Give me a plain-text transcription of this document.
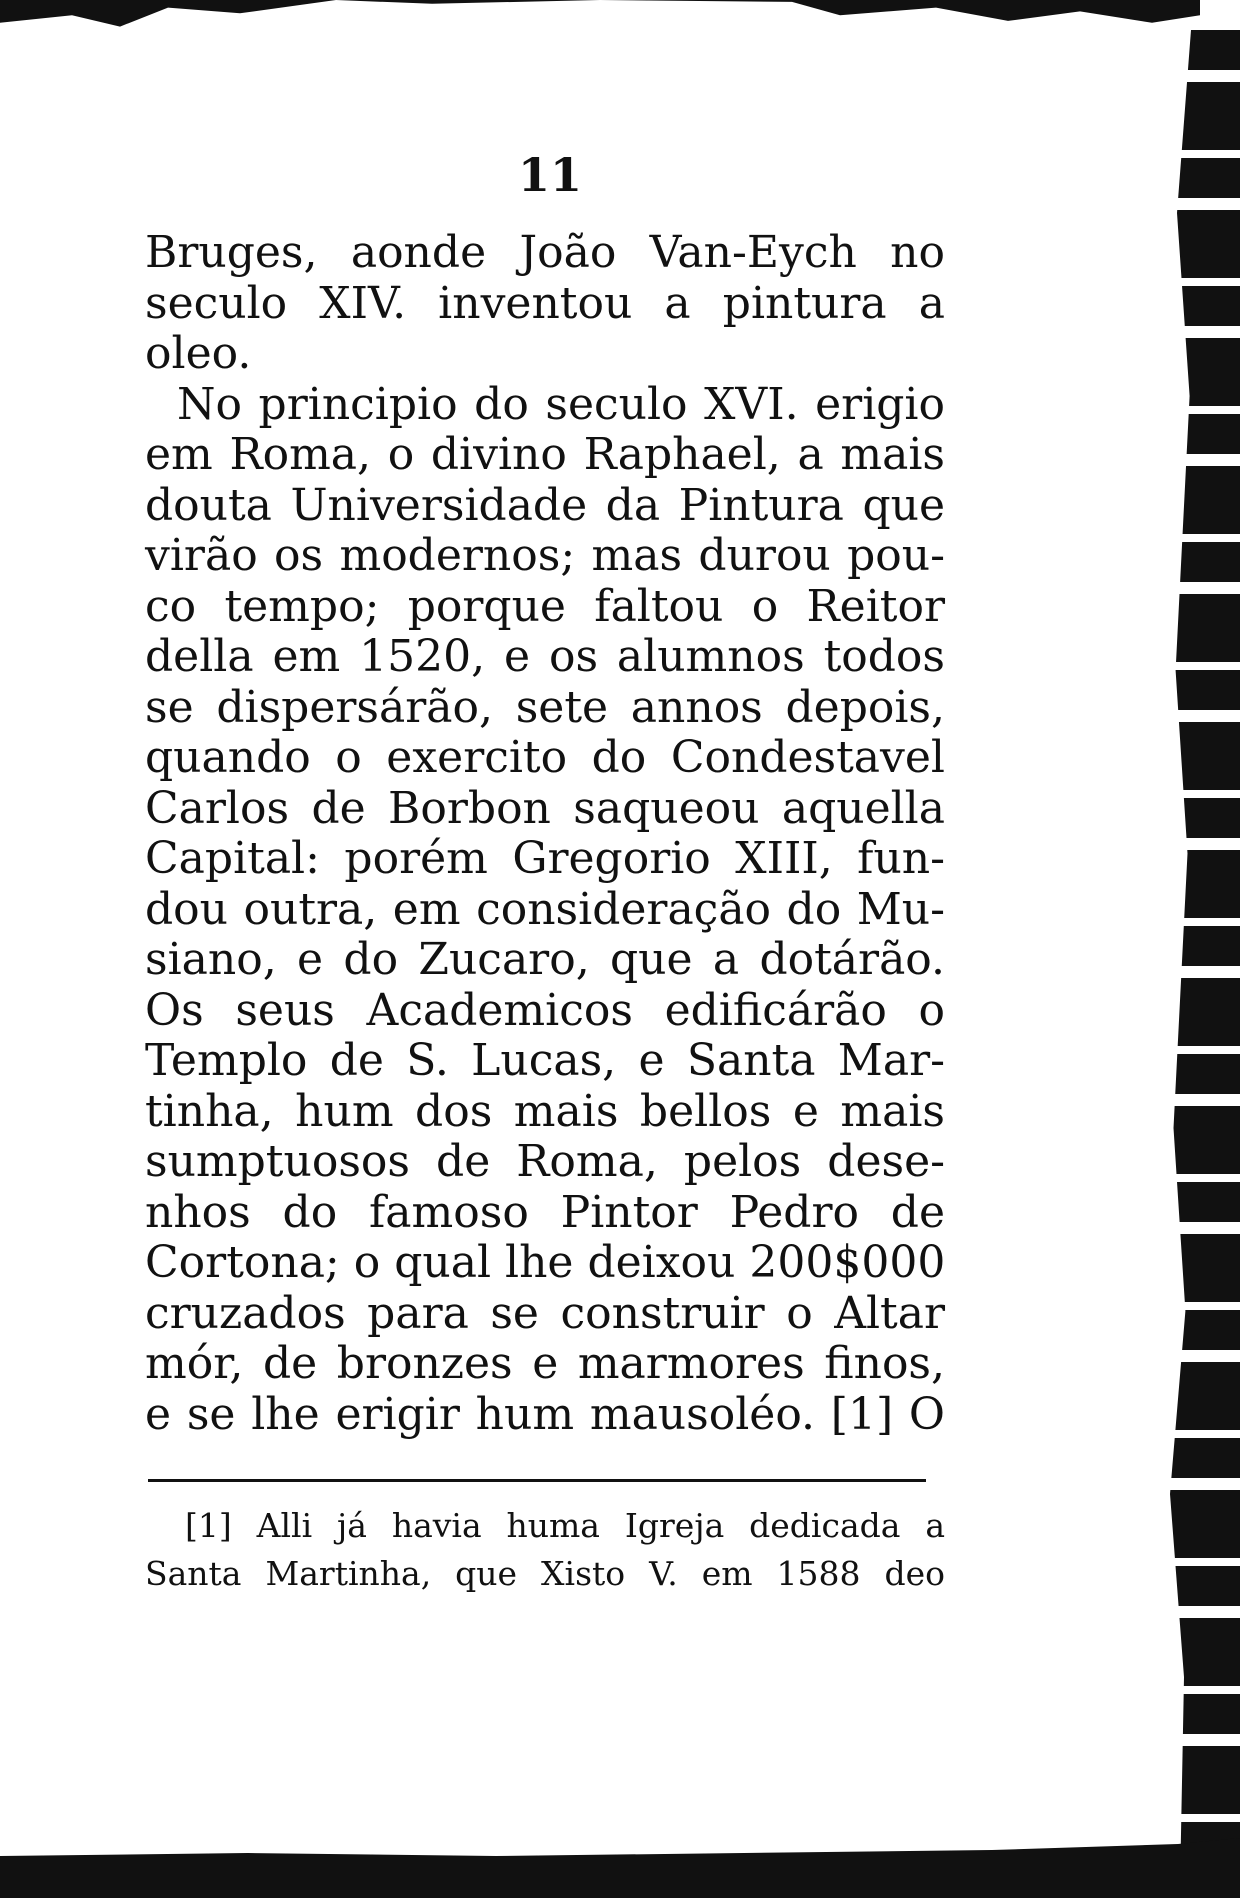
11
Bruges, aonde João Van-Eych no
seculo XIV. inventou a pintura a
oleo.
No principio do seculo XVI. erigio
em Roma, o divino Raphael, a mais
douta Universidade da Pintura que
virão os modernos; mas durou pou-
co tempo; porque faltou o Reitor
della em 1520, e os alumnos todos
se dispersárão, sete annos depois,
quando o exercito do Condestavel
Carlos de Borbon saqueou aquella
Capital: porém Gregorio XIII, fun-
dou outra, em consideração do Mu-
siano, e do Zucaro, que a dotárão.
Os seus Academicos edificárão o
Templo de S. Lucas, e Santa Mar-
tinha, hum dos mais bellos e mais
sumptuosos de Roma, pelos dese-
nhos do famoso Pintor Pedro de
Cortona; o qual lhe deixou 200$000
cruzados para se construir o Altar
mór, de bronzes e marmores finos,
e se lhe erigir hum mausoléo. [1] O
[1] Alli já havia huma Igreja dedicada a
Santa Martinha, que Xisto V. em 1588 deo
